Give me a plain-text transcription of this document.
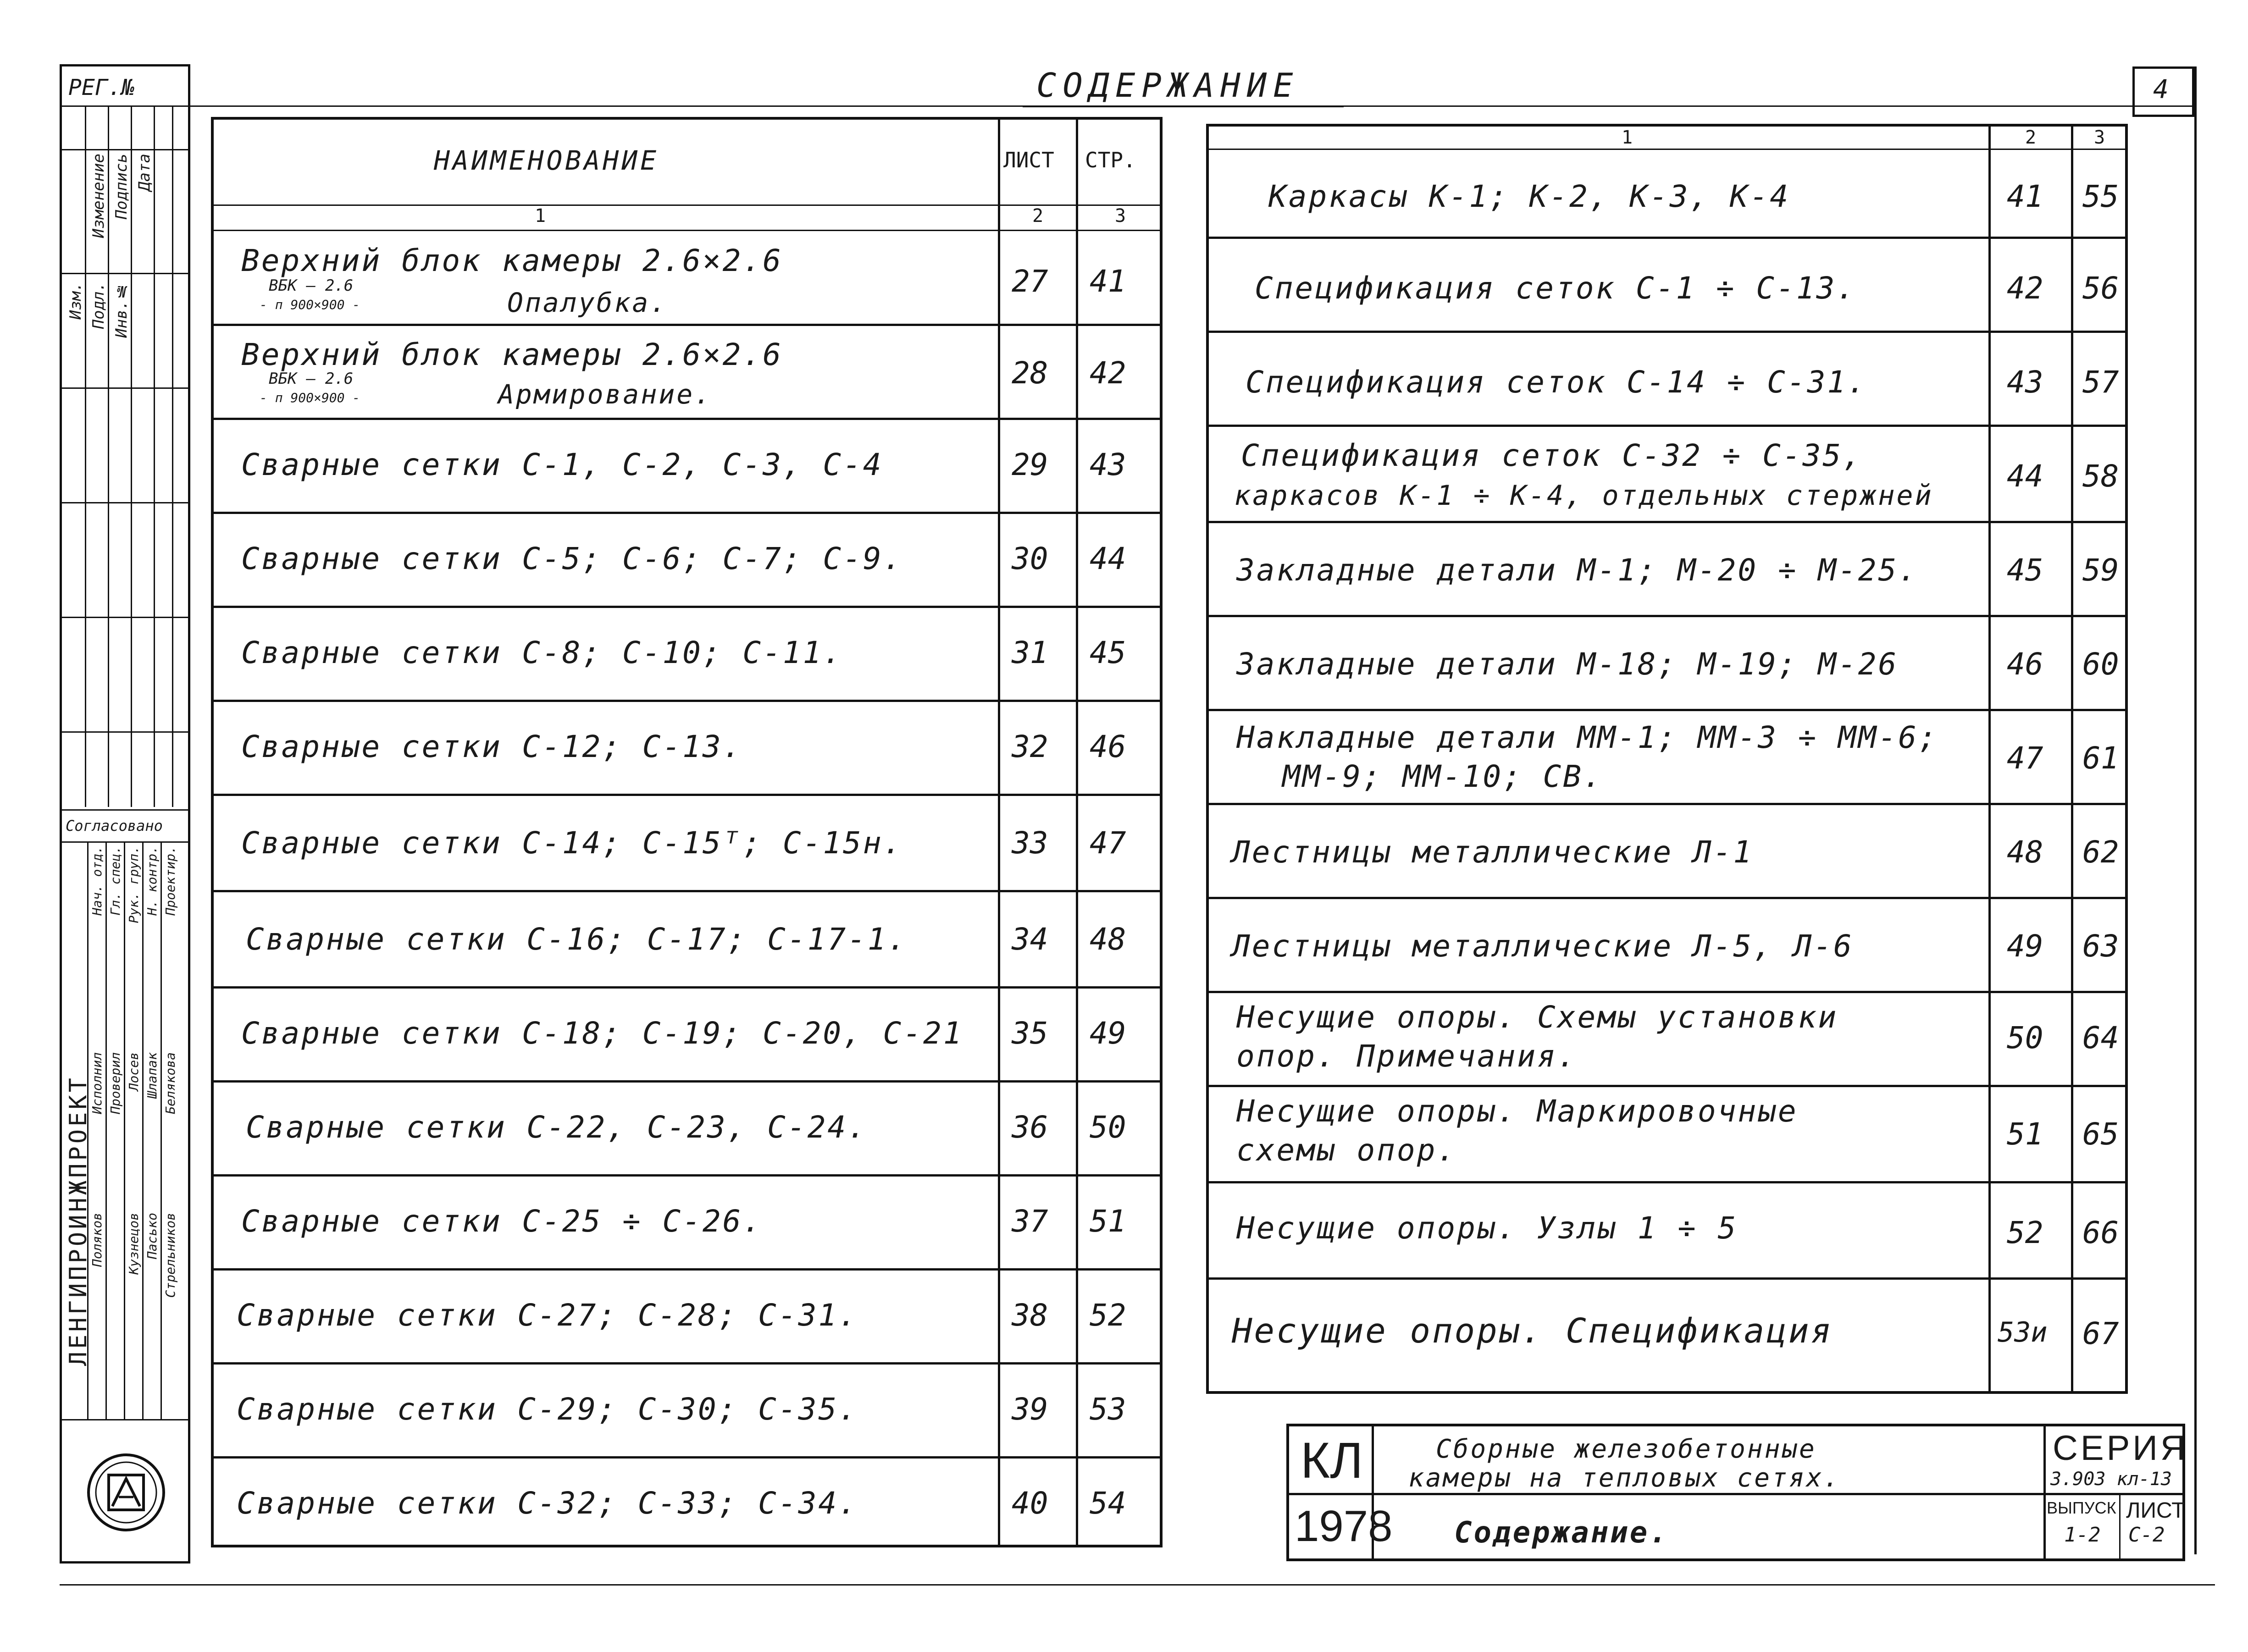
СОДЕРЖАНИЕ	4
РЕГ.№
Изменение Подпись Дата
Изм. Подл. Инв.№
Согласовано
ЛЕНГИПРОИНЖПРОЕКТ
Нач. отд. Гл. спец. Рук. груп. Н. контр. Проектир.
Исполнил Проверил Лосев Шлапак Белякова
Кузнецов Пасько Стрельников
Поляков
НАИМЕНОВАНИЕ	ЛИСТ СТР.
1	2	3
Верхний блок камеры 2.6×2.6
ВБК – 2.6
- п 900×900 -	Опалубка.
27 41
Верхний блок камеры 2.6×2.6
ВБК – 2.6
- п 900×900 -	Армирование.
28 42
Сварные сетки С-1, С-2, С-3, С-4	29 43
Сварные сетки С-5; С-6; С-7; С-9.	30 44
Сварные сетки С-8; С-10; С-11.	31 45
Сварные сетки С-12; С-13.	32 46
Сварные сетки С-14; С-15ᵀ; С-15н.	33 47
Сварные сетки С-16; С-17; С-17-1.	34 48
Сварные сетки С-18; С-19; С-20, С-21 35 49
Сварные сетки С-22, С-23, С-24.	36 50
Сварные сетки С-25 ÷ С-26.	37 51
Сварные сетки С-27; С-28; С-31.	38 52
Сварные сетки С-29; С-30; С-35.	39 53
Сварные сетки С-32; С-33; С-34.	40 54
1	2	3
Каркасы К-1; К-2, К-3, К-4	41 55
Спецификация сеток С-1 ÷ С-13.	42 56
Спецификация сеток С-14 ÷ С-31.	43 57
Спецификация сеток С-32 ÷ С-35,
каркасов К-1 ÷ К-4, отдельных стержней
44 58
Закладные детали М-1; М-20 ÷ М-25.	45 59
Закладные детали М-18; М-19; М-26	46 60
Накладные детали ММ-1; ММ-3 ÷ ММ-6;
ММ-9; ММ-10; СВ.
47 61
Лестницы металлические Л-1	48 62
Лестницы металлические Л-5, Л-6	49 63
Несущие опоры. Схемы установки
опор. Примечания.
50 64
Несущие опоры. Маркировочные
схемы опор.	51 65
Несущие опоры. Узлы 1 ÷ 5	52 66
Несущие опоры. Спецификация	53и 67
КЛ
1978
Сборные железобетонные
камеры на тепловых сетях.
Содержание.
СЕРИЯ
3.903 кл-13
ВЫПУСК
1-2
ЛИСТ
С-2
